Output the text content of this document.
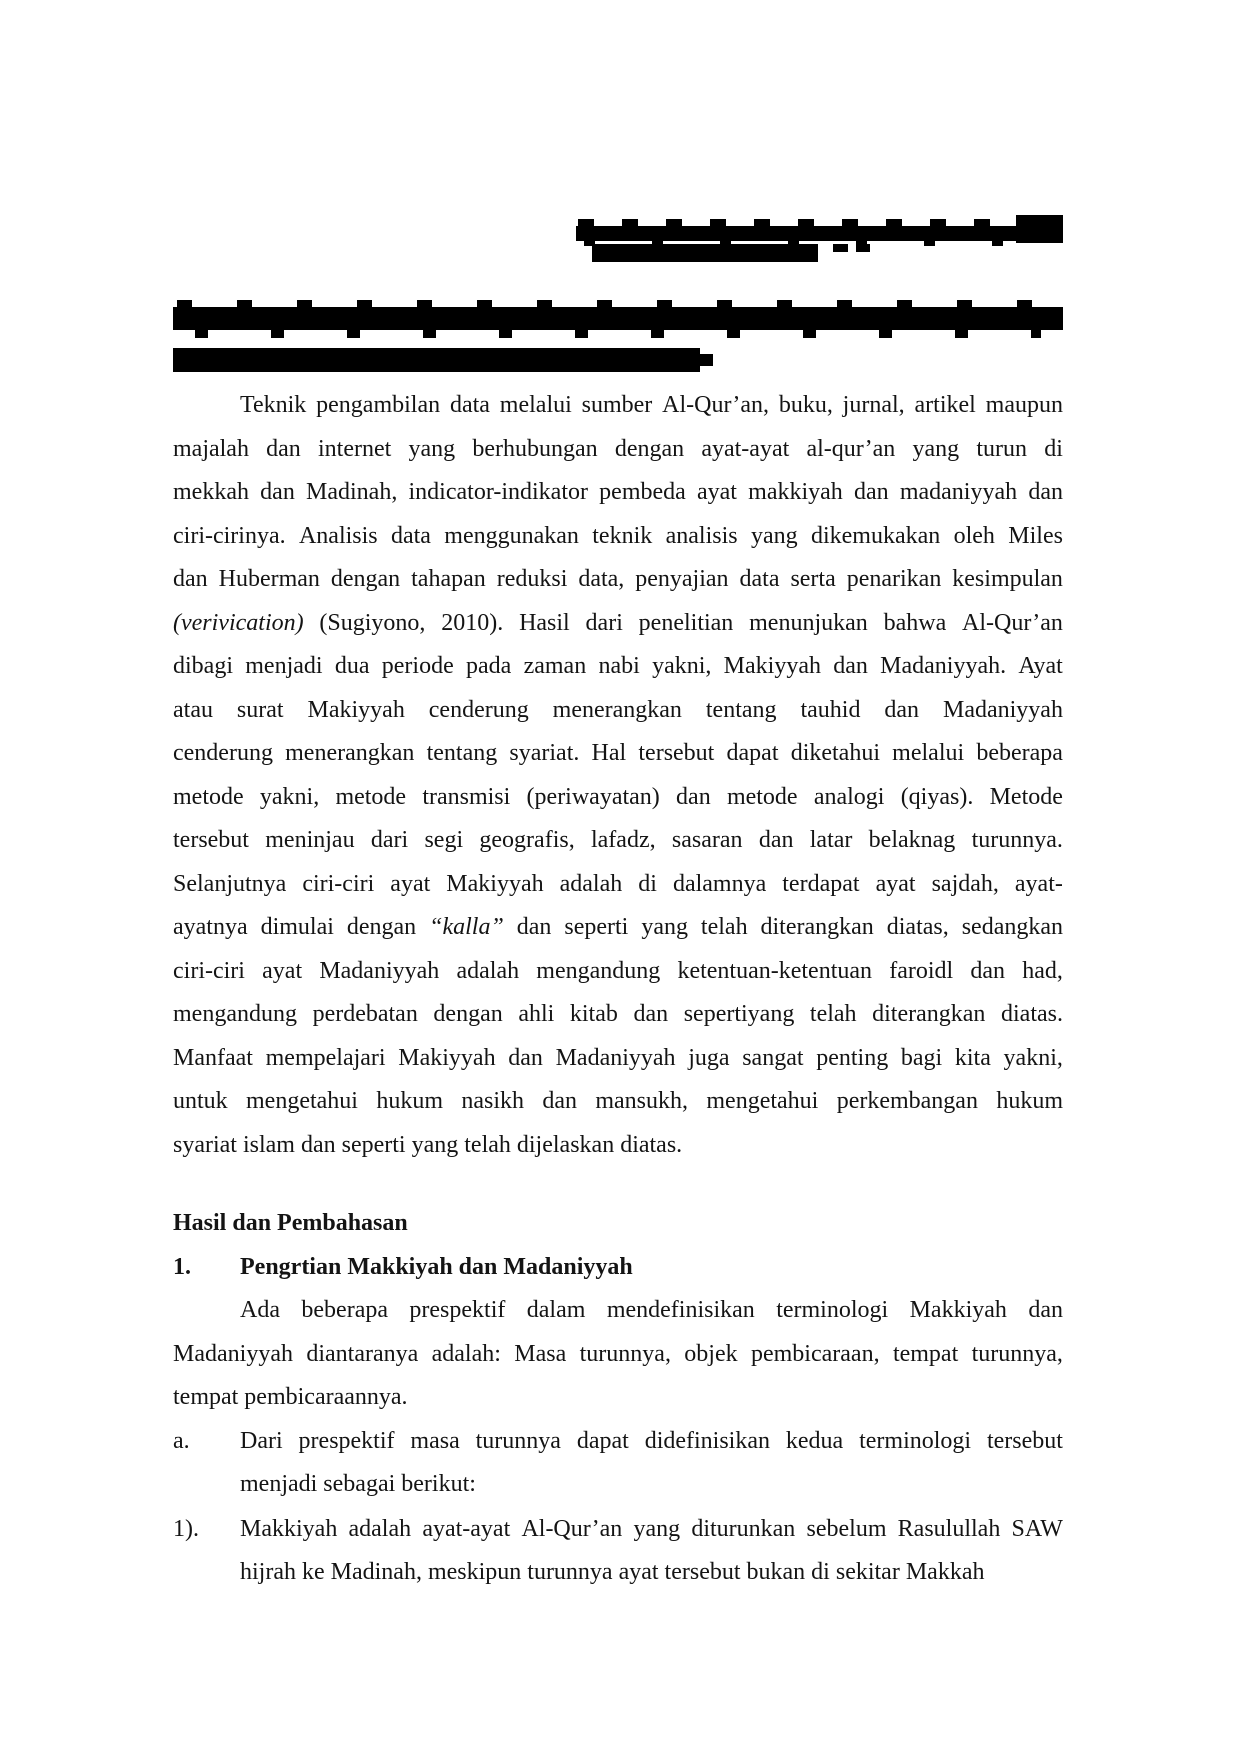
Teknik pengambilan data melalui sumber Al-Qur’an, buku, jurnal, artikel maupun
majalah dan internet yang berhubungan dengan ayat-ayat al-qur’an yang turun di
mekkah dan Madinah, indicator-indikator pembeda ayat makkiyah dan madaniyyah dan
ciri-cirinya. Analisis data menggunakan teknik analisis yang dikemukakan oleh Miles
dan Huberman dengan tahapan reduksi data, penyajian data serta penarikan kesimpulan
(verivication) (Sugiyono, 2010). Hasil dari penelitian menunjukan bahwa Al-Qur’an
dibagi menjadi dua periode pada zaman nabi yakni, Makiyyah dan Madaniyyah. Ayat
atau surat Makiyyah cenderung menerangkan tentang tauhid dan Madaniyyah
cenderung menerangkan tentang syariat. Hal tersebut dapat diketahui melalui beberapa
metode yakni, metode transmisi (periwayatan) dan metode analogi (qiyas). Metode
tersebut meninjau dari segi geografis, lafadz, sasaran dan latar belaknag turunnya.
Selanjutnya ciri-ciri ayat Makiyyah adalah di dalamnya terdapat ayat sajdah, ayat-
ayatnya dimulai dengan “kalla” dan seperti yang telah diterangkan diatas, sedangkan
ciri-ciri ayat Madaniyyah adalah mengandung ketentuan-ketentuan faroidl dan had,
mengandung perdebatan dengan ahli kitab dan sepertiyang telah diterangkan diatas.
Manfaat mempelajari Makiyyah dan Madaniyyah juga sangat penting bagi kita yakni,
untuk mengetahui hukum nasikh dan mansukh, mengetahui perkembangan hukum
syariat islam dan seperti yang telah dijelaskan diatas.
Hasil dan Pembahasan
1. Pengrtian Makkiyah dan Madaniyyah
Ada beberapa prespektif dalam mendefinisikan terminologi Makkiyah dan
Madaniyyah diantaranya adalah: Masa turunnya, objek pembicaraan, tempat turunnya,
tempat pembicaraannya.
a. Dari prespektif masa turunnya dapat didefinisikan kedua terminologi tersebut
menjadi sebagai berikut:
1). Makkiyah adalah ayat-ayat Al-Qur’an yang diturunkan sebelum Rasulullah SAW
hijrah ke Madinah, meskipun turunnya ayat tersebut bukan di sekitar Makkah
